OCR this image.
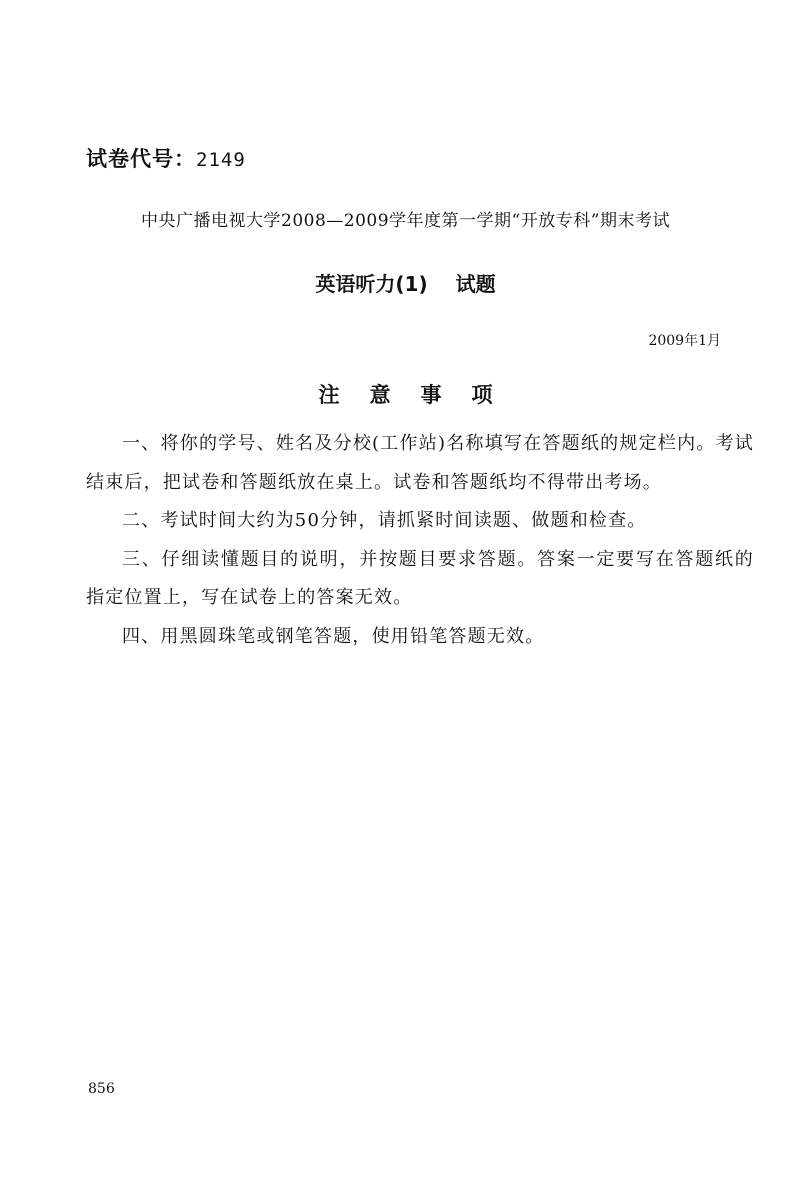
试卷代号：2149
中央广播电视大学2008—2009学年度第一学期“开放专科”期末考试
英语听力(1) 试题
2009年1月
注意事项

一、将你的学号、姓名及分校(工作站)名称填写在答题纸的规定栏内。考试结束后，把试卷和答题纸放在桌上。试卷和答题纸均不得带出考场。

二、考试时间大约为50分钟，请抓紧时间读题、做题和检查。

三、仔细读懂题目的说明，并按题目要求答题。答案一定要写在答题纸的指定位置上，写在试卷上的答案无效。

四、用黑圆珠笔或钢笔答题，使用铅笔答题无效。

856
